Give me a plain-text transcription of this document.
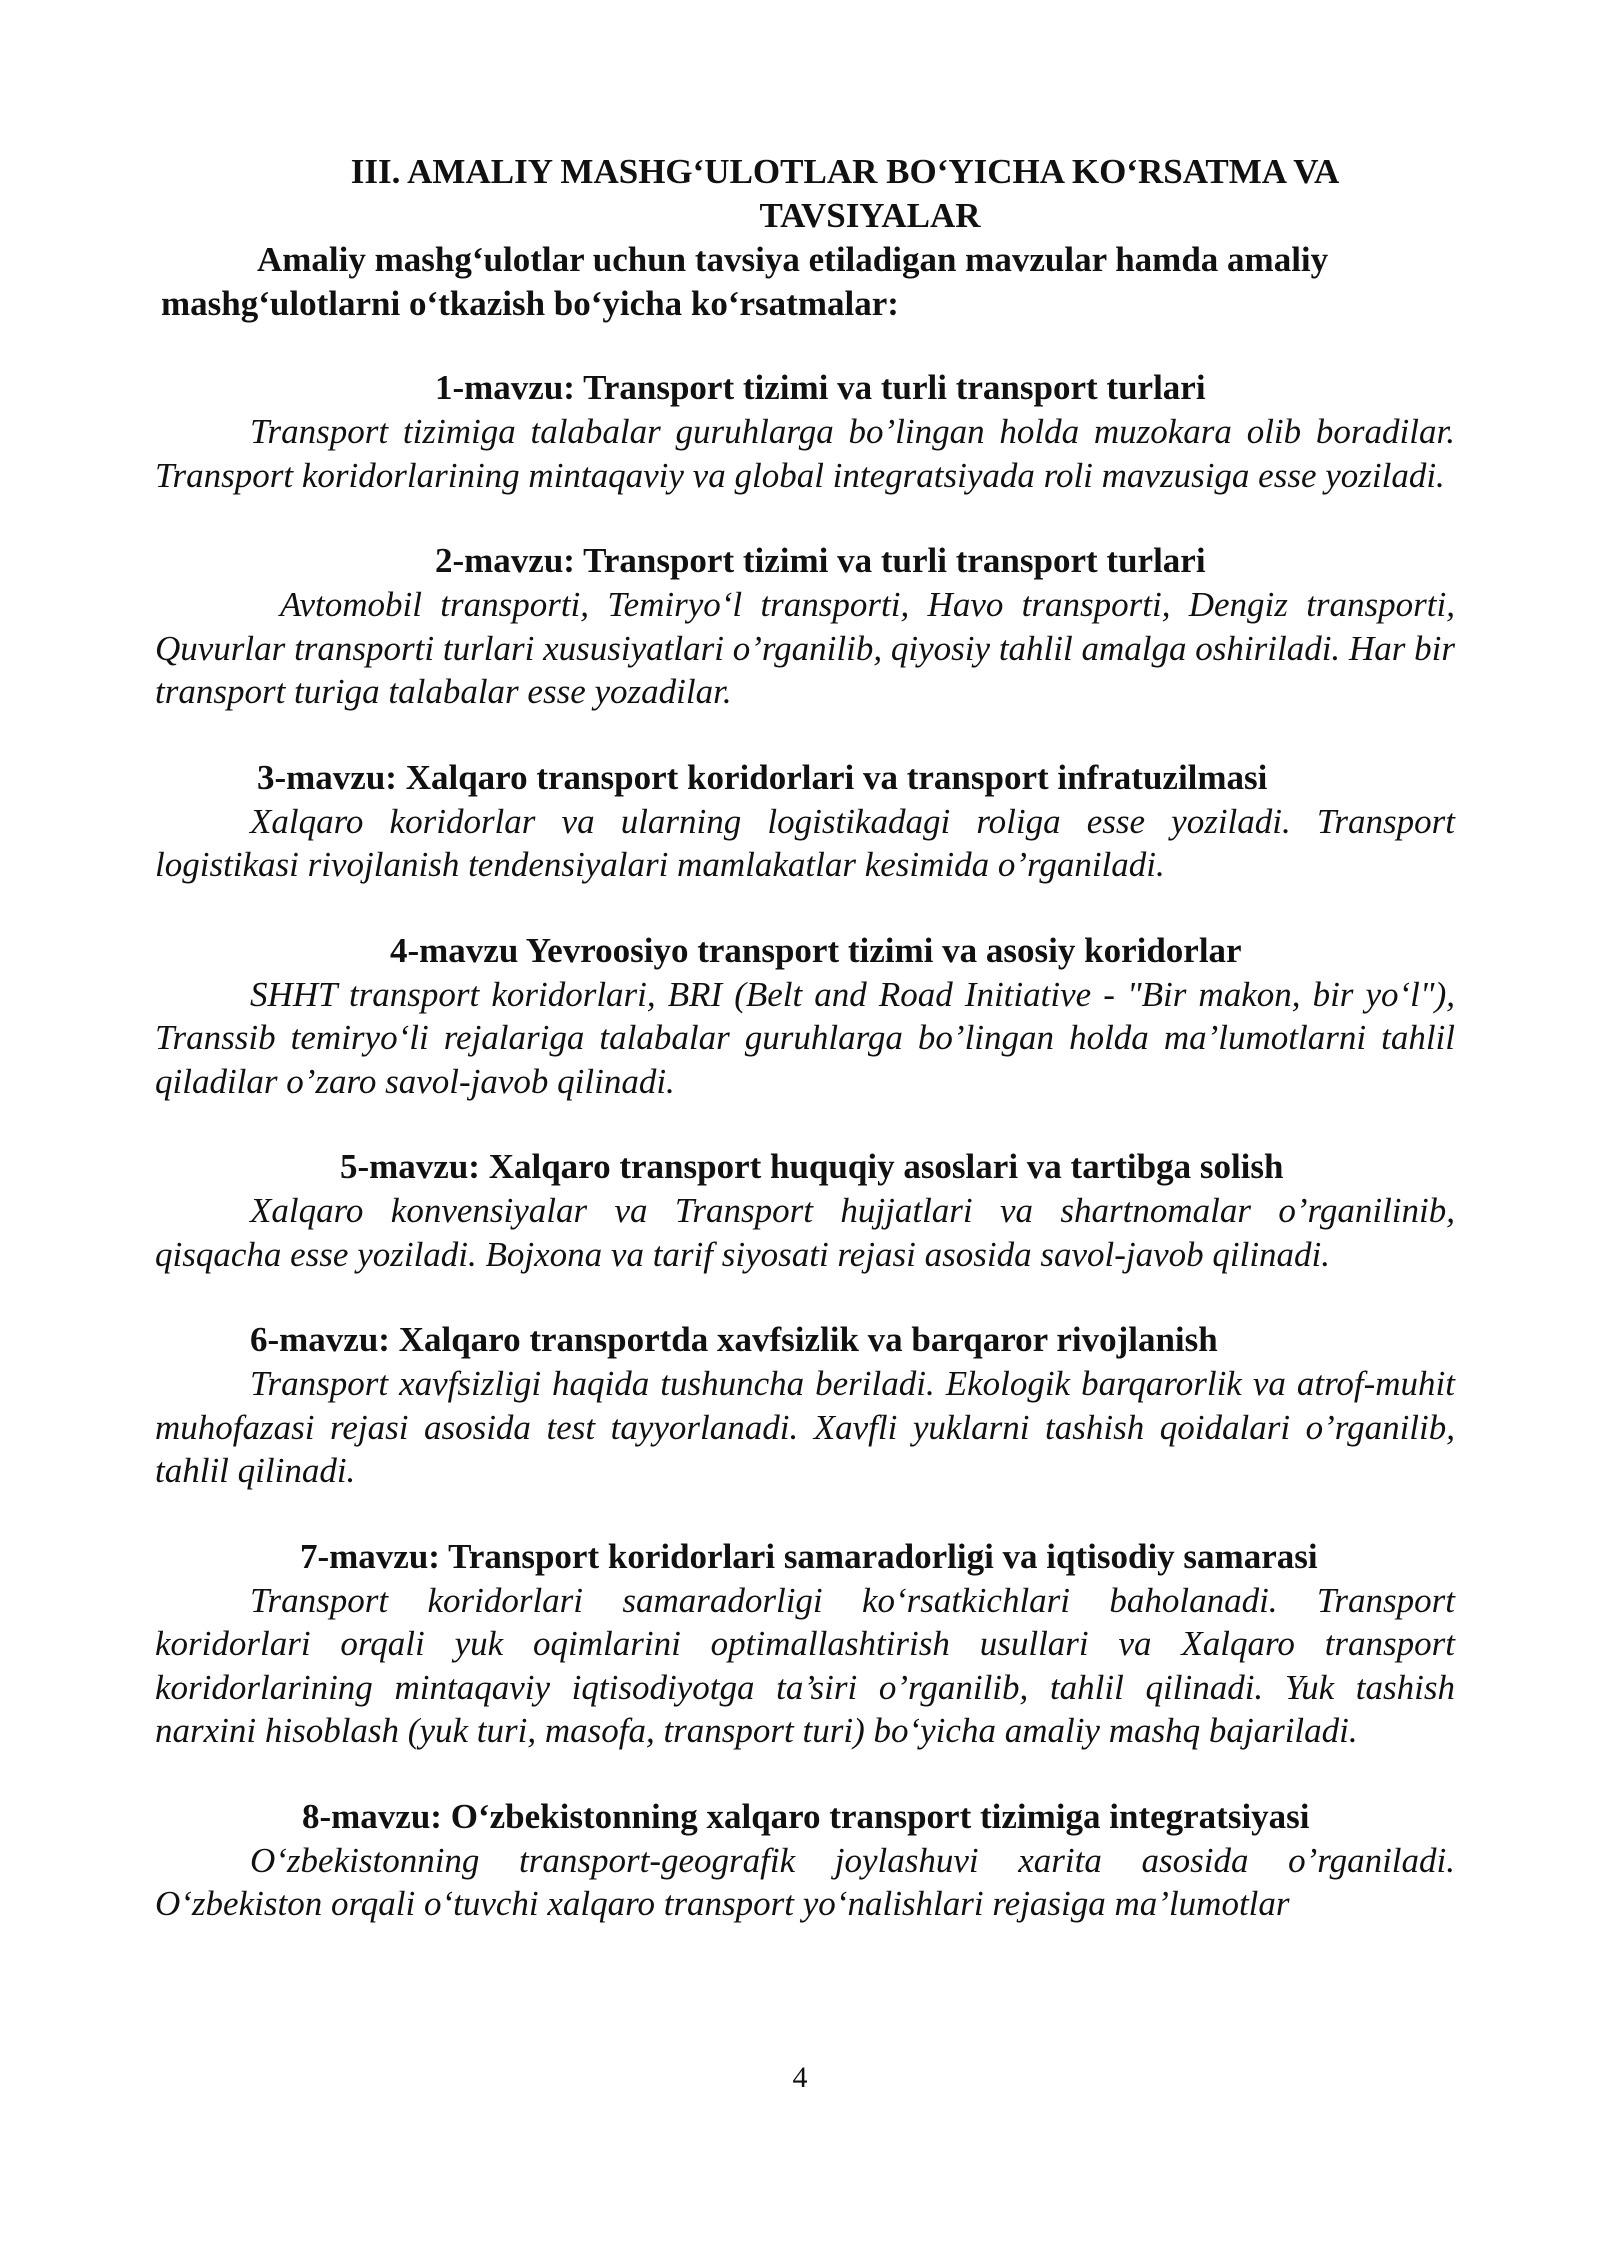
III. AMALIY MASHG‘ULOTLAR BO‘YICHA KO‘RSATMA VA
TAVSIYALAR

Amaliy mashg‘ulotlar uchun tavsiya etiladigan mavzular hamda amaliy
mashg‘ulotlarni o‘tkazish bo‘yicha ko‘rsatmalar:

1-mavzu: Transport tizimi va turli transport turlari

Transport tizimiga talabalar guruhlarga bo’lingan holda muzokara olib boradilar. Transport koridorlarining mintaqaviy va global integratsiyada roli mavzusiga esse yoziladi.

2-mavzu: Transport tizimi va turli transport turlari

Avtomobil transporti, Temiryo‘l transporti, Havo transporti, Dengiz transporti, Quvurlar transporti turlari xususiyatlari o’rganilib, qiyosiy tahlil amalga oshiriladi. Har bir transport turiga talabalar esse yozadilar.

3-mavzu: Xalqaro transport koridorlari va transport infratuzilmasi

Xalqaro koridorlar va ularning logistikadagi roliga esse yoziladi. Transport logistikasi rivojlanish tendensiyalari mamlakatlar kesimida o’rganiladi.

4-mavzu Yevroosiyo transport tizimi va asosiy koridorlar

SHHT transport koridorlari, BRI (Belt and Road Initiative - "Bir makon, bir yo‘l"), Transsib temiryo‘li rejalariga talabalar guruhlarga bo’lingan holda ma’lumotlarni tahlil qiladilar o’zaro savol-javob qilinadi.

5-mavzu: Xalqaro transport huquqiy asoslari va tartibga solish

Xalqaro konvensiyalar va Transport hujjatlari va shartnomalar o’rganilinib, qisqacha esse yoziladi. Bojxona va tarif siyosati rejasi asosida savol-javob qilinadi.

6-mavzu: Xalqaro transportda xavfsizlik va barqaror rivojlanish

Transport xavfsizligi haqida tushuncha beriladi. Ekologik barqarorlik va atrof-muhit muhofazasi rejasi asosida test tayyorlanadi. Xavfli yuklarni tashish qoidalari o’rganilib, tahlil qilinadi.

7-mavzu: Transport koridorlari samaradorligi va iqtisodiy samarasi

Transport koridorlari samaradorligi ko‘rsatkichlari baholanadi. Transport koridorlari orqali yuk oqimlarini optimallashtirish usullari va Xalqaro transport koridorlarining mintaqaviy iqtisodiyotga ta’siri o’rganilib, tahlil qilinadi. Yuk tashish narxini hisoblash (yuk turi, masofa, transport turi) bo‘yicha amaliy mashq bajariladi.

8-mavzu: O‘zbekistonning xalqaro transport tizimiga integratsiyasi

O‘zbekistonning transport-geografik joylashuvi xarita asosida o’rganiladi. O‘zbekiston orqali o‘tuvchi xalqaro transport yo‘nalishlari rejasiga ma’lumotlar

4
